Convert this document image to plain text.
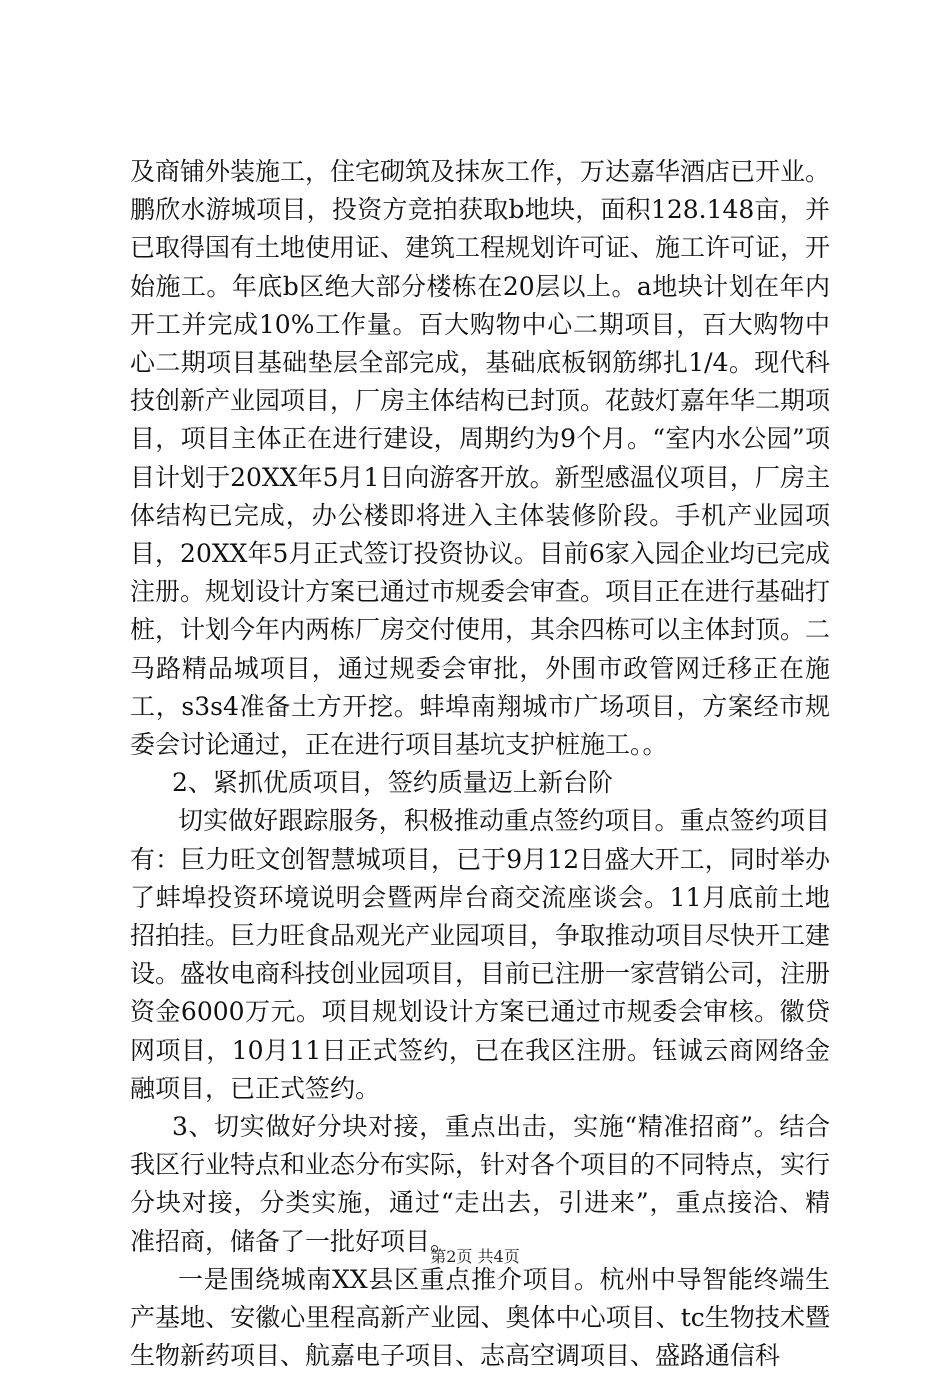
及商铺外装施工，住宅砌筑及抹灰工作，万达嘉华酒店已开业。鹏欣水游城项目，投资方竞拍获取b地块，面积128.148亩，并已取得国有土地使用证、建筑工程规划许可证、施工许可证，开始施工。年底b区绝大部分楼栋在20层以上。a地块计划在年内开工并完成10%工作量。百大购物中心二期项目，百大购物中心二期项目基础垫层全部完成，基础底板钢筋绑扎1/4。现代科技创新产业园项目，厂房主体结构已封顶。花鼓灯嘉年华二期项目，项目主体正在进行建设，周期约为9个月。“室内水公园”项目计划于20XX年5月1日向游客开放。新型感温仪项目，厂房主体结构已完成，办公楼即将进入主体装修阶段。手机产业园项目，20XX年5月正式签订投资协议。目前6家入园企业均已完成注册。规划设计方案已通过市规委会审查。项目正在进行基础打桩，计划今年内两栋厂房交付使用，其余四栋可以主体封顶。二马路精品城项目，通过规委会审批，外围市政管网迁移正在施工，s3s4准备土方开挖。蚌埠南翔城市广场项目，方案经市规委会讨论通过，正在进行项目基坑支护桩施工。。

2、紧抓优质项目，签约质量迈上新台阶

切实做好跟踪服务，积极推动重点签约项目。重点签约项目有：巨力旺文创智慧城项目，已于9月12日盛大开工，同时举办了蚌埠投资环境说明会暨两岸台商交流座谈会。11月底前土地招拍挂。巨力旺食品观光产业园项目，争取推动项目尽快开工建设。盛妆电商科技创业园项目，目前已注册一家营销公司，注册资金6000万元。项目规划设计方案已通过市规委会审核。徽贷网项目，10月11日正式签约，已在我区注册。钰诚云商网络金融项目，已正式签约。

3、切实做好分块对接，重点出击，实施“精准招商”。结合我区行业特点和业态分布实际，针对各个项目的不同特点，实行分块对接，分类实施，通过“走出去，引进来”，重点接洽、精准招商，储备了一批好项目。

一是围绕城南XX县区重点推介项目。杭州中导智能终端生产基地、安徽心里程高新产业园、奥体中心项目、tc生物技术暨生物新药项目、航嘉电子项目、志高空调项目、盛路通信科

第2页 共4页
